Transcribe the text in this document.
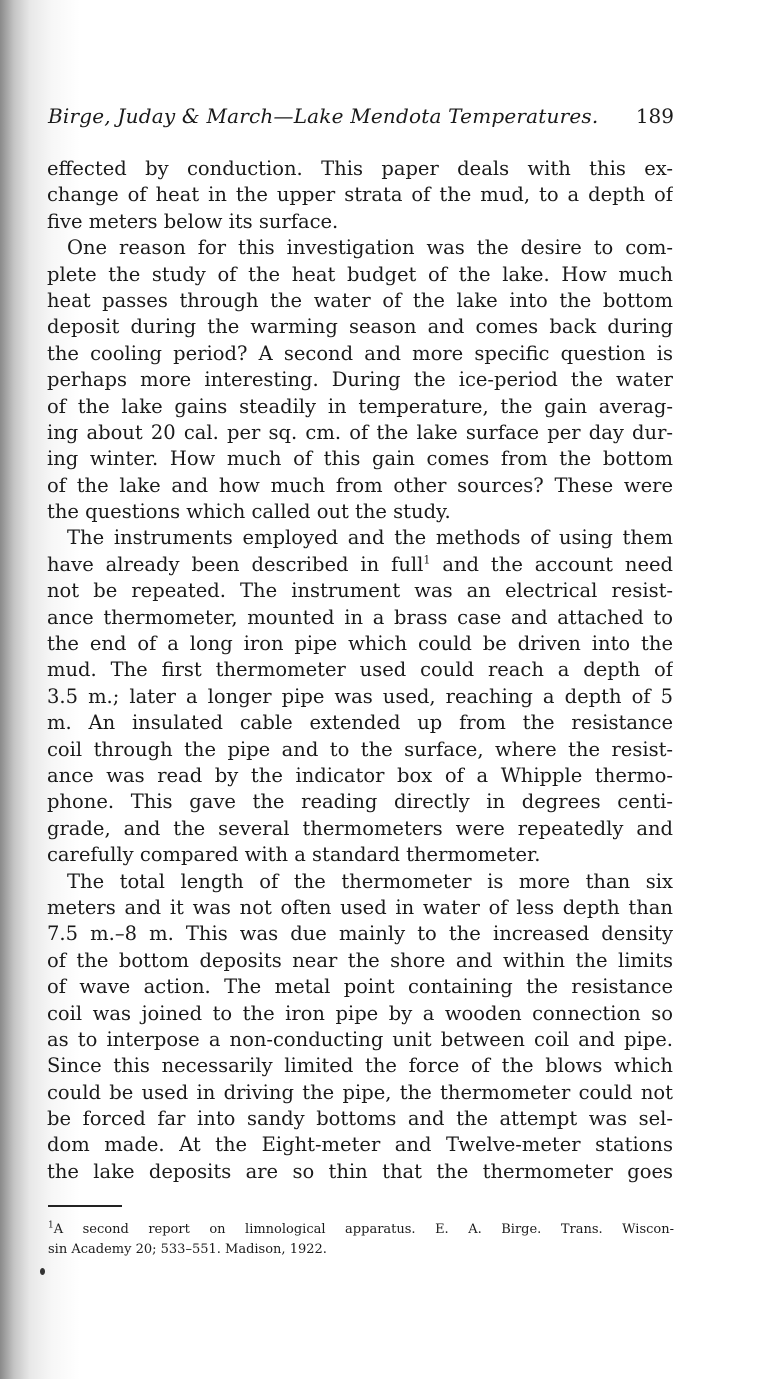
Birge, Juday & March—Lake Mendota Temperatures. 189
effected by conduction. This paper deals with this ex-
change of heat in the upper strata of the mud, to a depth of
five meters below its surface.
One reason for this investigation was the desire to com-
plete the study of the heat budget of the lake. How much
heat passes through the water of the lake into the bottom
deposit during the warming season and comes back during
the cooling period? A second and more specific question is
perhaps more interesting. During the ice-period the water
of the lake gains steadily in temperature, the gain averag-
ing about 20 cal. per sq. cm. of the lake surface per day dur-
ing winter. How much of this gain comes from the bottom
of the lake and how much from other sources? These were
the questions which called out the study.
The instruments employed and the methods of using them
have already been described in full$^1$ and the account need
not be repeated. The instrument was an electrical resist-
ance thermometer, mounted in a brass case and attached to
the end of a long iron pipe which could be driven into the
mud. The first thermometer used could reach a depth of
3.5 m.; later a longer pipe was used, reaching a depth of 5
m. An insulated cable extended up from the resistance
coil through the pipe and to the surface, where the resist-
ance was read by the indicator box of a Whipple thermo-
phone. This gave the reading directly in degrees centi-
grade, and the several thermometers were repeatedly and
carefully compared with a standard thermometer.
The total length of the thermometer is more than six
meters and it was not often used in water of less depth than
7.5 m.–8 m. This was due mainly to the increased density
of the bottom deposits near the shore and within the limits
of wave action. The metal point containing the resistance
coil was joined to the iron pipe by a wooden connection so
as to interpose a non-conducting unit between coil and pipe.
Since this necessarily limited the force of the blows which
could be used in driving the pipe, the thermometer could not
be forced far into sandy bottoms and the attempt was sel-
dom made. At the Eight-meter and Twelve-meter stations
the lake deposits are so thin that the thermometer goes
$^1$A second report on limnological apparatus. E. A. Birge. Trans. Wiscon-
sin Academy 20; 533–551. Madison, 1922.
